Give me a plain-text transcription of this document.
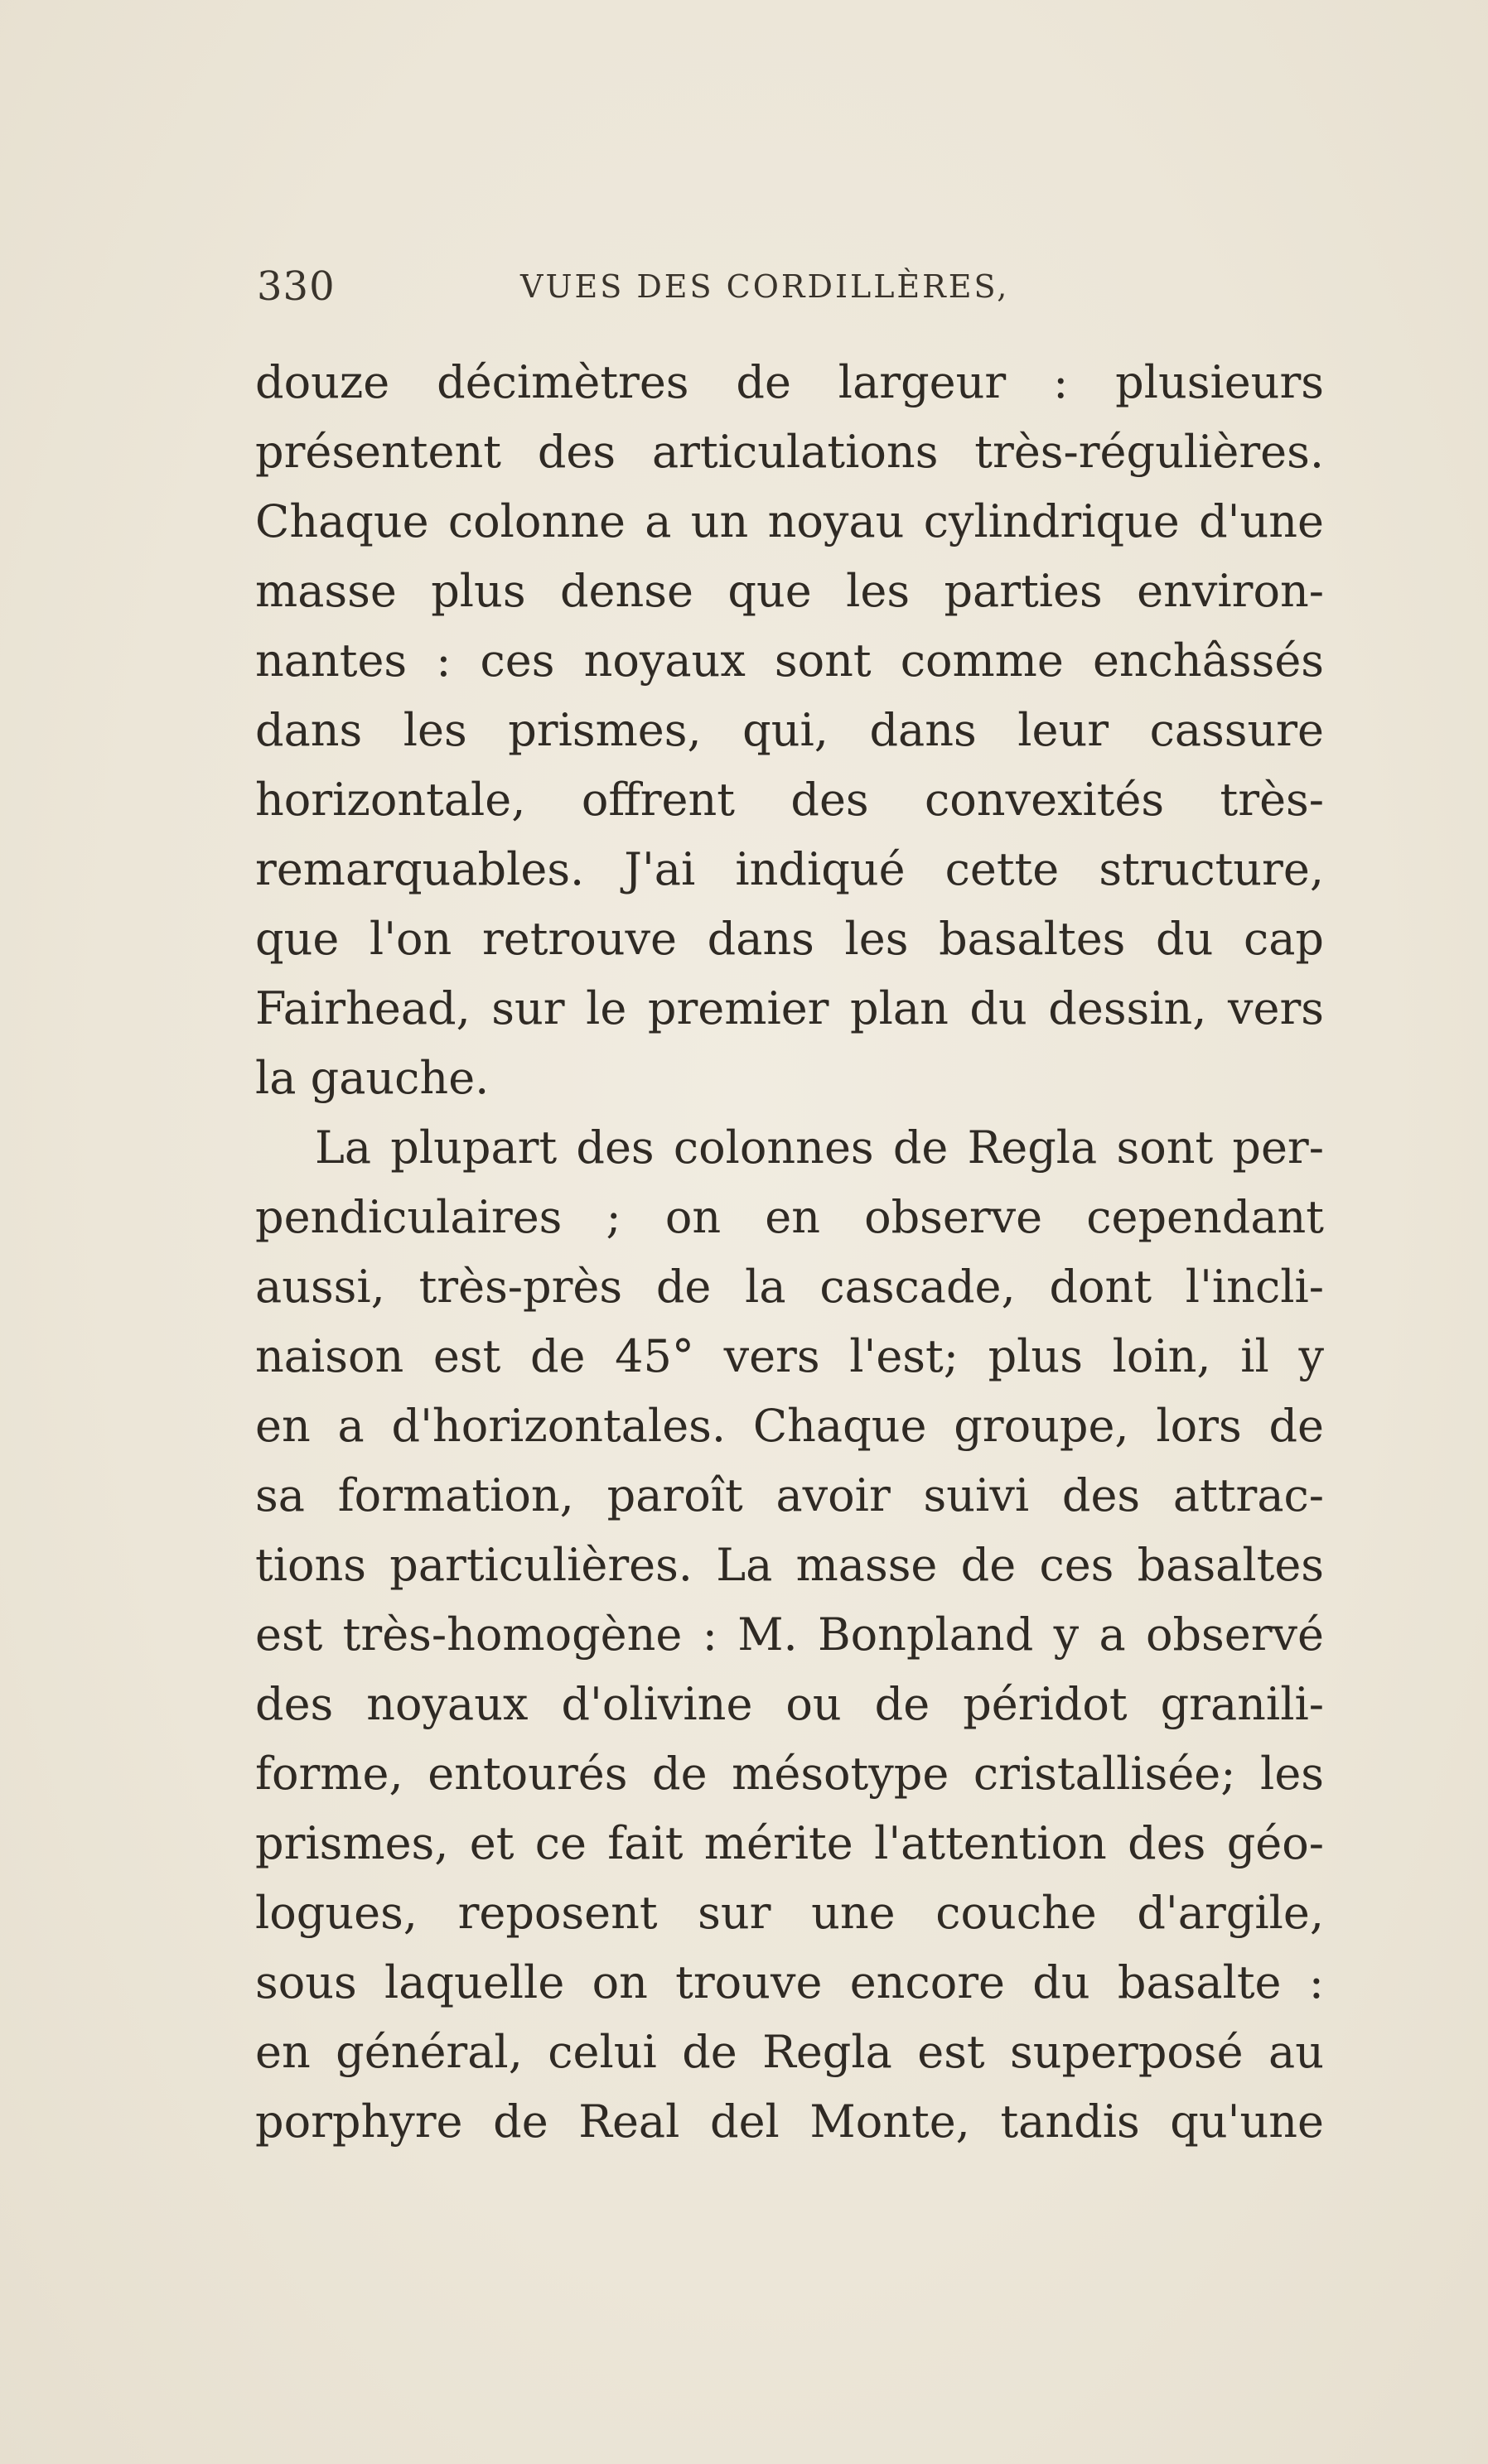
330	VUES DES CORDILLÈRES,
douze décimètres de largeur : plusieurs
présentent des articulations très-régulières.
Chaque colonne a un noyau cylindrique d'une
masse plus dense que les parties environ-
nantes : ces noyaux sont comme enchâssés
dans les prismes, qui, dans leur cassure
horizontale, offrent des convexités très-
remarquables. J'ai indiqué cette structure,
que l'on retrouve dans les basaltes du cap
Fairhead, sur le premier plan du dessin, vers
la gauche.
La plupart des colonnes de Regla sont per-
pendiculaires ; on en observe cependant
aussi, très-près de la cascade, dont l'incli-
naison est de 45° vers l'est; plus loin, il y
en a d'horizontales. Chaque groupe, lors de
sa formation, paroît avoir suivi des attrac-
tions particulières. La masse de ces basaltes
est très-homogène : M. Bonpland y a observé
des noyaux d'olivine ou de péridot granili-
forme, entourés de mésotype cristallisée; les
prismes, et ce fait mérite l'attention des géo-
logues, reposent sur une couche d'argile,
sous laquelle on trouve encore du basalte :
en général, celui de Regla est superposé au
porphyre de Real del Monte, tandis qu'une
